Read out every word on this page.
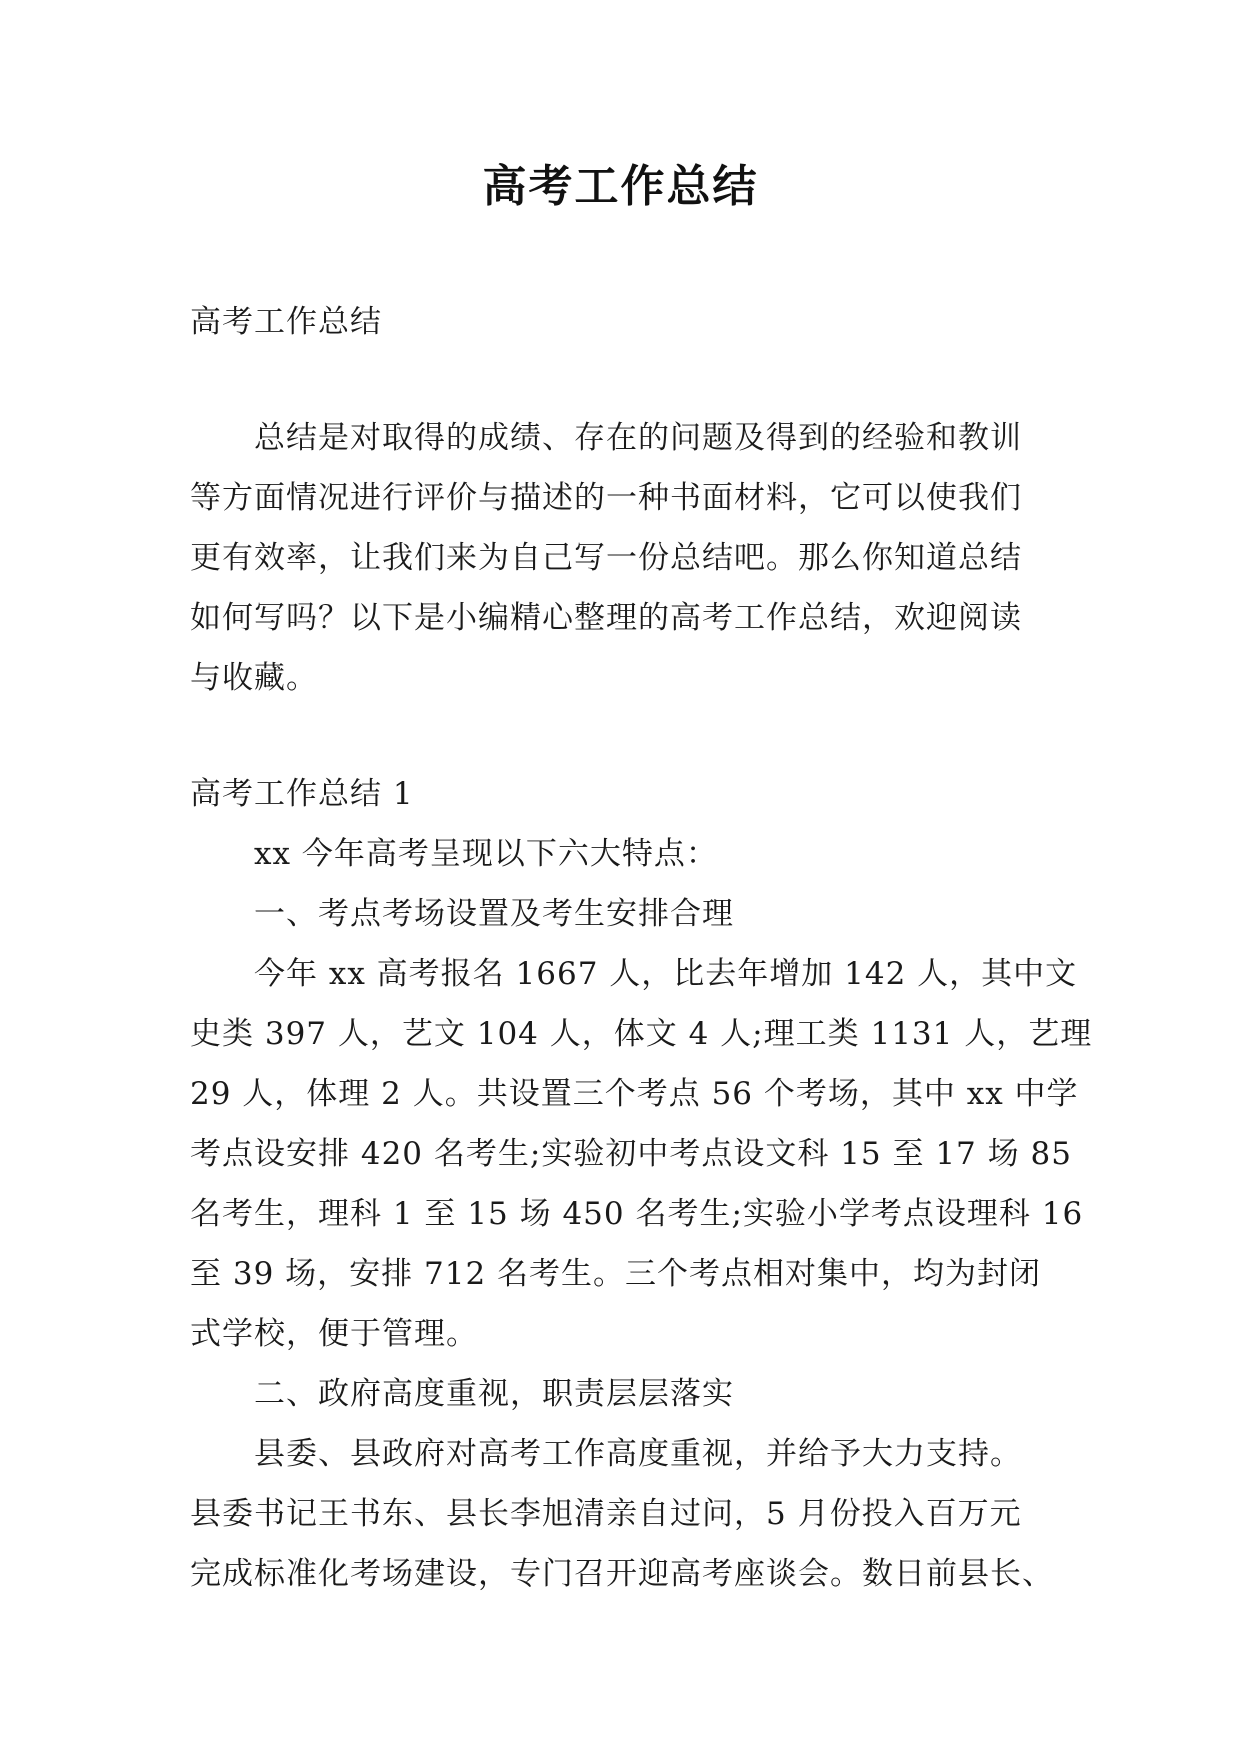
高考工作总结
高考工作总结
总结是对取得的成绩、存在的问题及得到的经验和教训
等方面情况进行评价与描述的一种书面材料，它可以使我们
更有效率，让我们来为自己写一份总结吧。那么你知道总结
如何写吗？以下是小编精心整理的高考工作总结，欢迎阅读
与收藏。
高考工作总结 1
xx 今年高考呈现以下六大特点：
一、考点考场设置及考生安排合理
今年 xx 高考报名 1667 人，比去年增加 142 人，其中文
史类 397 人，艺文 104 人，体文 4 人;理工类 1131 人，艺理
29 人，体理 2 人。共设置三个考点 56 个考场，其中 xx 中学
考点设安排 420 名考生;实验初中考点设文科 15 至 17 场 85
名考生，理科 1 至 15 场 450 名考生;实验小学考点设理科 16
至 39 场，安排 712 名考生。三个考点相对集中，均为封闭
式学校，便于管理。
二、政府高度重视，职责层层落实
县委、县政府对高考工作高度重视，并给予大力支持。
县委书记王书东、县长李旭清亲自过问，5 月份投入百万元
完成标准化考场建设，专门召开迎高考座谈会。数日前县长、
